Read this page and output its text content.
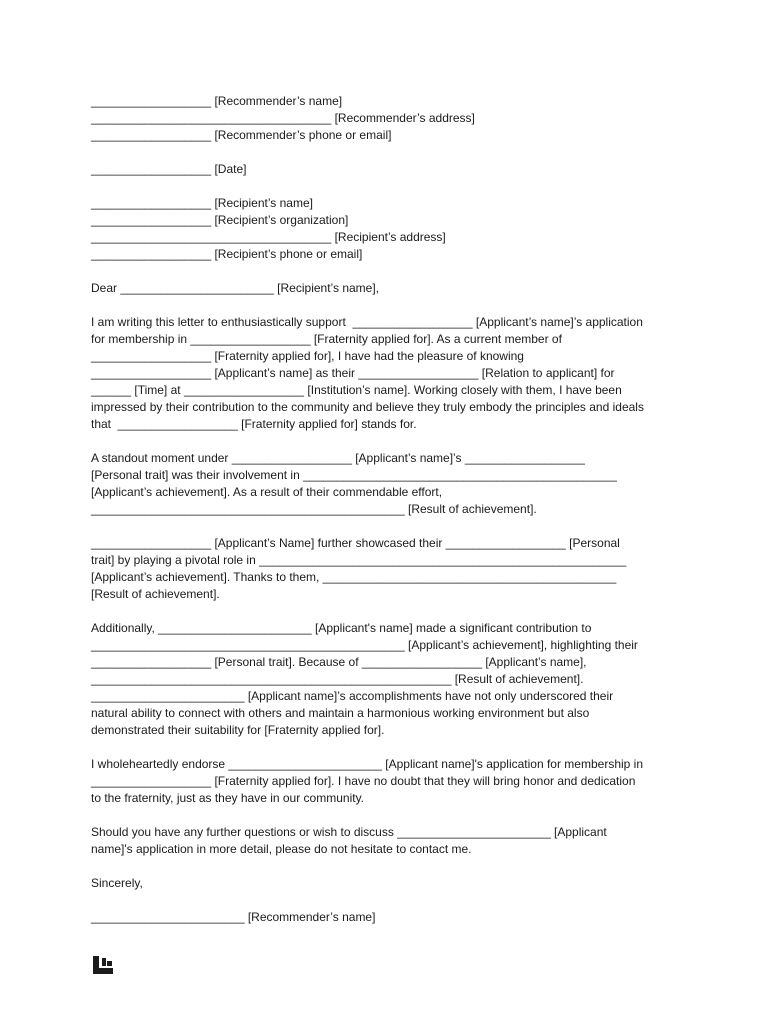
__________________ [Recommender’s name]

____________________________________ [Recommender’s address]

__________________ [Recommender’s phone or email]

__________________ [Date]

__________________ [Recipient’s name]

__________________ [Recipient’s organization]

____________________________________ [Recipient’s address]

__________________ [Recipient’s phone or email]

Dear _______________________ [Recipient’s name],

I am writing this letter to enthusiastically support  __________________ [Applicant’s name]’s application

for membership in __________________ [Fraternity applied for]. As a current member of

__________________ [Fraternity applied for], I have had the pleasure of knowing

__________________ [Applicant’s name] as their __________________ [Relation to applicant] for

______ [Time] at __________________ [Institution’s name]. Working closely with them, I have been

impressed by their contribution to the community and believe they truly embody the principles and ideals

that  __________________ [Fraternity applied for] stands for.

A standout moment under __________________ [Applicant’s name]’s __________________

[Personal trait] was their involvement in _______________________________________________

[Applicant’s achievement]. As a result of their commendable effort,

_______________________________________________ [Result of achievement].

__________________ [Applicant’s Name] further showcased their __________________ [Personal

trait] by playing a pivotal role in _______________________________________________________

[Applicant’s achievement]. Thanks to them, ____________________________________________

[Result of achievement].

Additionally, _______________________ [Applicant's name] made a significant contribution to

_______________________________________________ [Applicant’s achievement], highlighting their

__________________ [Personal trait]. Because of __________________ [Applicant’s name],

______________________________________________________ [Result of achievement].

_______________________ [Applicant name]’s accomplishments have not only underscored their

natural ability to connect with others and maintain a harmonious working environment but also

demonstrated their suitability for [Fraternity applied for].

I wholeheartedly endorse _______________________ [Applicant name]'s application for membership in

__________________ [Fraternity applied for]. I have no doubt that they will bring honor and dedication

to the fraternity, just as they have in our community.

Should you have any further questions or wish to discuss _______________________ [Applicant

name]'s application in more detail, please do not hesitate to contact me.

Sincerely,

_______________________ [Recommender’s name]
